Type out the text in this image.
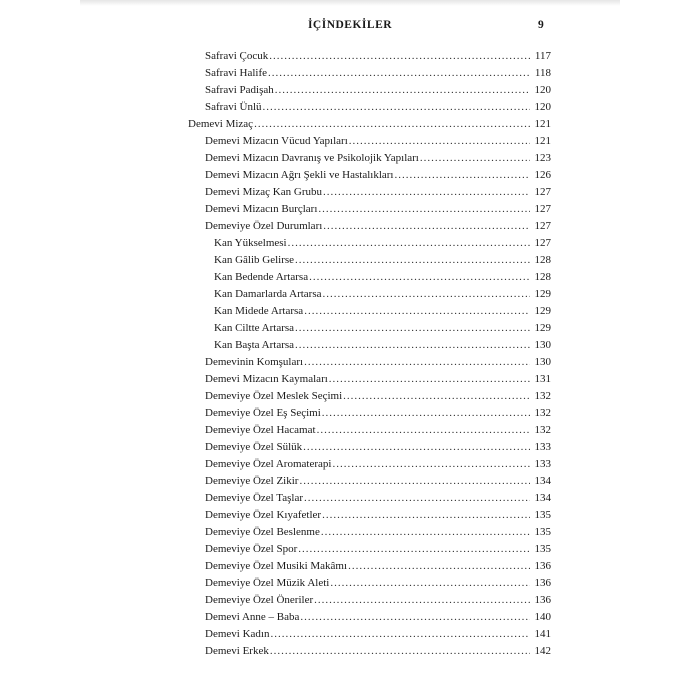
İÇİNDEKİLER	9
Safravi Çocuk .....	117
Safravi Halife .....	118
Safravi Padişah .....	120
Safravi Ünlü .....	120
Demevi Mizaç .....	121
Demevi Mizacın Vücud Yapıları .....	121
Demevi Mizacın Davranış ve Psikolojik Yapıları .....	123
Demevi Mizacın Ağrı Şekli ve Hastalıkları .....	126
Demevi Mizaç Kan Grubu .....	127
Demevi Mizacın Burçları .....	127
Demeviye Özel Durumları .....	127
Kan Yükselmesi .....	127
Kan Gâlib Gelirse .....	128
Kan Bedende Artarsa .....	128
Kan Damarlarda Artarsa .....	129
Kan Midede Artarsa .....	129
Kan Ciltte Artarsa .....	129
Kan Başta Artarsa .....	130
Demevinin Komşuları .....	130
Demevi Mizacın Kaymaları .....	131
Demeviye Özel Meslek Seçimi .....	132
Demeviye Özel Eş Seçimi .....	132
Demeviye Özel Hacamat .....	132
Demeviye Özel Sülük .....	133
Demeviye Özel Aromaterapi .....	133
Demeviye Özel Zikir .....	134
Demeviye Özel Taşlar .....	134
Demeviye Özel Kıyafetler .....	135
Demeviye Özel Beslenme .....	135
Demeviye Özel Spor .....	135
Demeviye Özel Musiki Makâmı .....	136
Demeviye Özel Müzik Aleti .....	136
Demeviye Özel Öneriler .....	136
Demevi Anne – Baba .....	140
Demevi Kadın .....	141
Demevi Erkek .....	142
